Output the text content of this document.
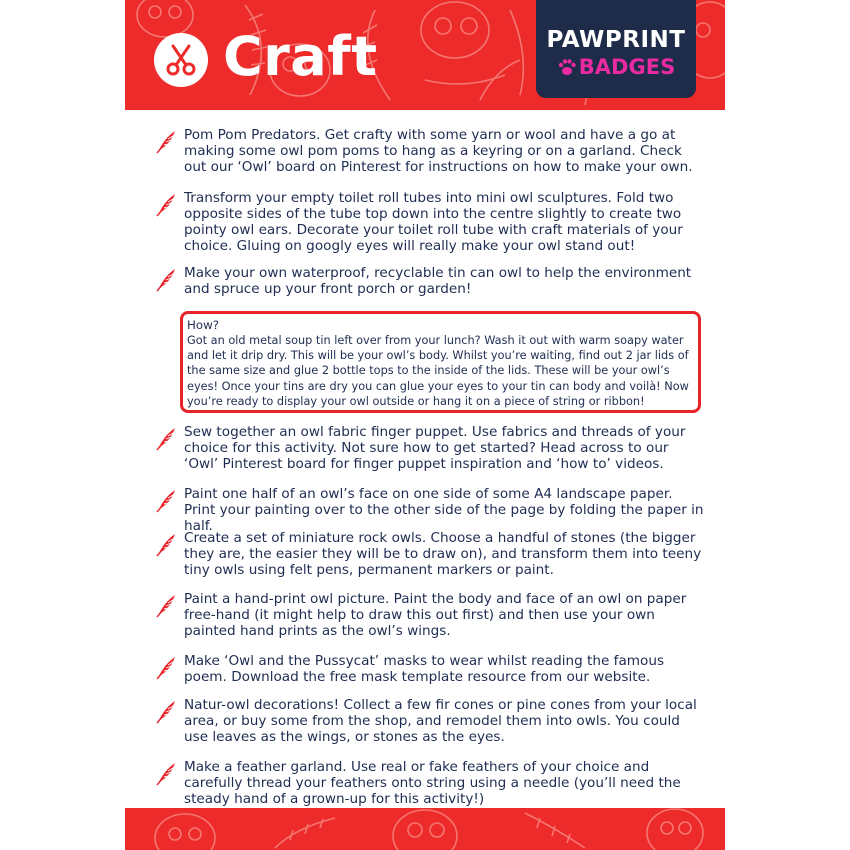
Craft	PAWPRINT
BADGES
Pom Pom Predators. Get crafty with some yarn or wool and have a go at making some owl pom poms to hang as a keyring or on a garland. Check out our ‘Owl’ board on Pinterest for instructions on how to make your own.
Transform your empty toilet roll tubes into mini owl sculptures. Fold two opposite sides of the tube top down into the centre slightly to create two pointy owl ears. Decorate your toilet roll tube with craft materials of your choice. Gluing on googly eyes will really make your owl stand out!
Make your own waterproof, recyclable tin can owl to help the environment and spruce up your front porch or garden!
How?
Got an old metal soup tin left over from your lunch? Wash it out with warm soapy water and let it drip dry. This will be your owl’s body. Whilst you’re waiting, find out 2 jar lids of the same size and glue 2 bottle tops to the inside of the lids. These will be your owl’s eyes! Once your tins are dry you can glue your eyes to your tin can body and voilà! Now you’re ready to display your owl outside or hang it on a piece of string or ribbon!
Sew together an owl fabric finger puppet. Use fabrics and threads of your choice for this activity. Not sure how to get started? Head across to our ‘Owl’ Pinterest board for finger puppet inspiration and ‘how to’ videos.
Paint one half of an owl’s face on one side of some A4 landscape paper. Print your painting over to the other side of the page by folding the paper in half.
Create a set of miniature rock owls. Choose a handful of stones (the bigger they are, the easier they will be to draw on), and transform them into teeny tiny owls using felt pens, permanent markers or paint.
Paint a hand-print owl picture. Paint the body and face of an owl on paper free-hand (it might help to draw this out first) and then use your own painted hand prints as the owl’s wings.
Make ‘Owl and the Pussycat’ masks to wear whilst reading the famous poem. Download the free mask template resource from our website.
Natur-owl decorations! Collect a few fir cones or pine cones from your local area, or buy some from the shop, and remodel them into owls. You could use leaves as the wings, or stones as the eyes.
Make a feather garland. Use real or fake feathers of your choice and carefully thread your feathers onto string using a needle (you’ll need the steady hand of a grown-up for this activity!)
